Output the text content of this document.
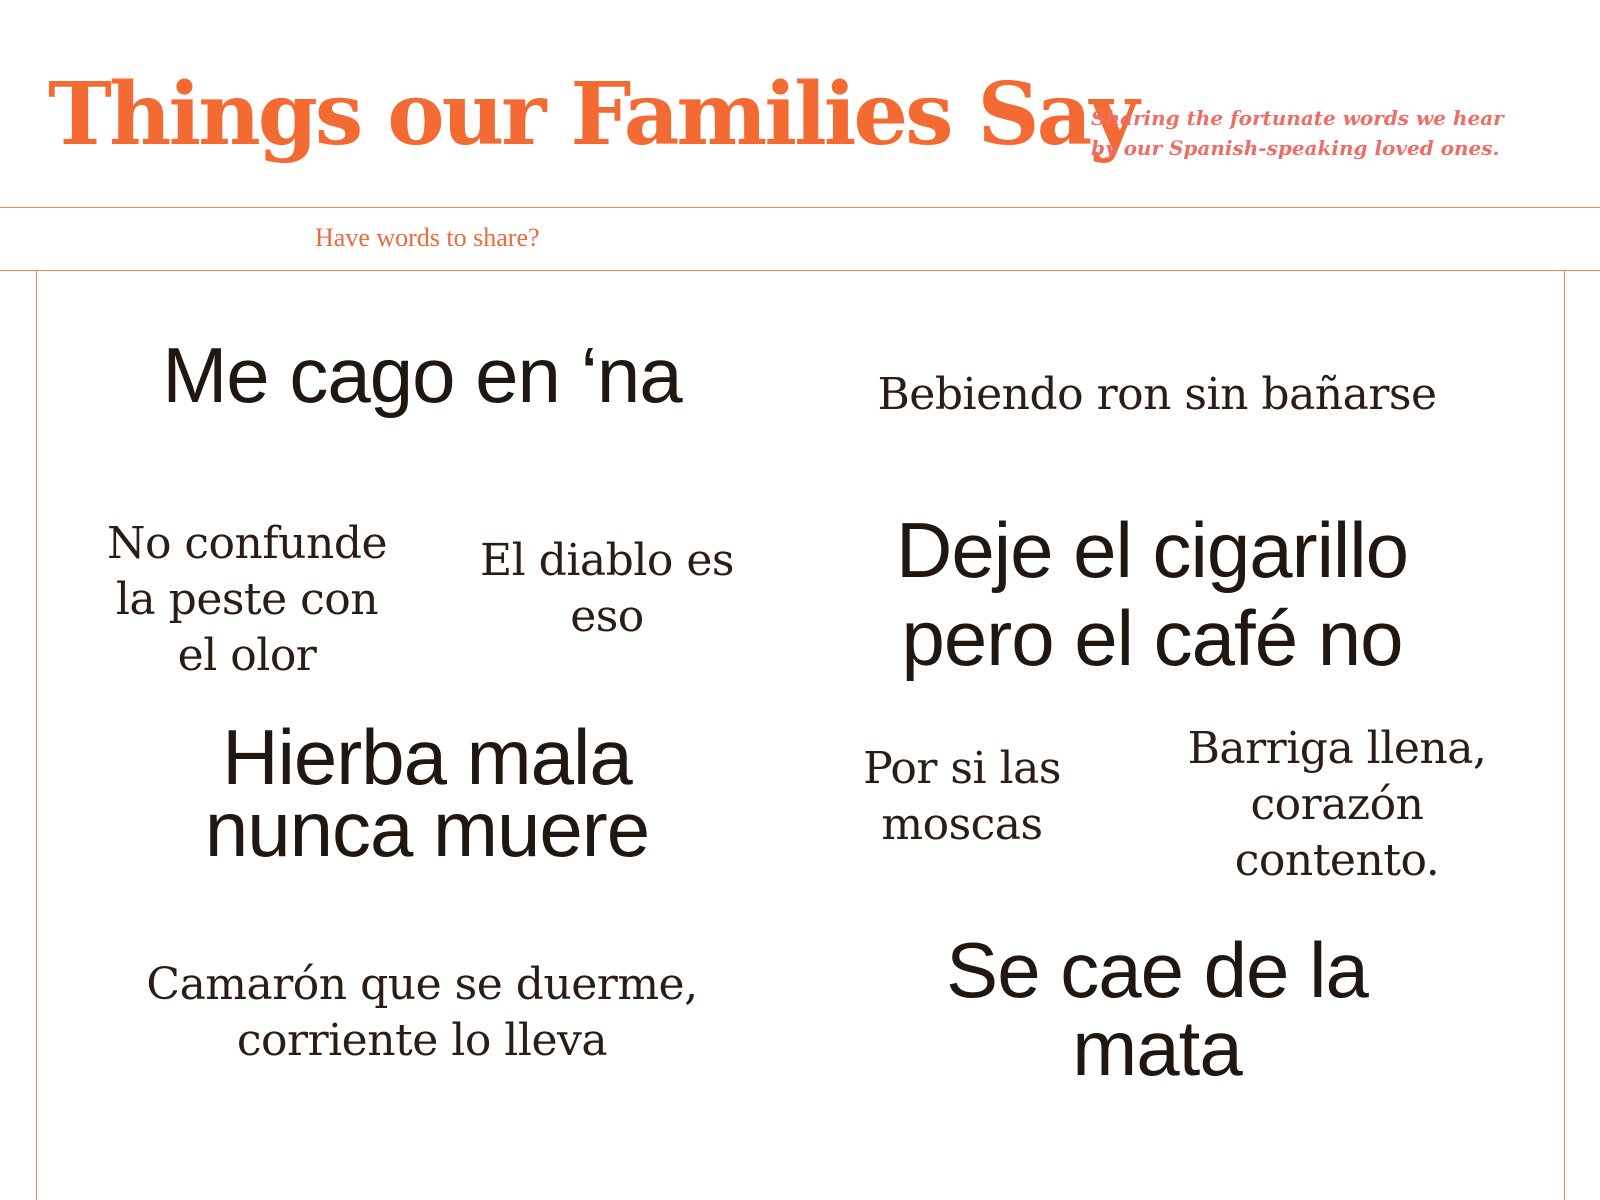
Things our Families Say
Sharing the fortunate words we hear
by our Spanish-speaking loved ones.
Have words to share?
Me cago en ‘na	Bebiendo ron sin bañarse
No confunde
la peste con
el olor
El diablo es
eso
Deje el cigarillo
pero el café no
Hierba mala
nunca muere
Por si las
moscas
Barriga llena,
corazón
contento.
Camarón que se duerme,
corriente lo lleva
Se cae de la
mata
